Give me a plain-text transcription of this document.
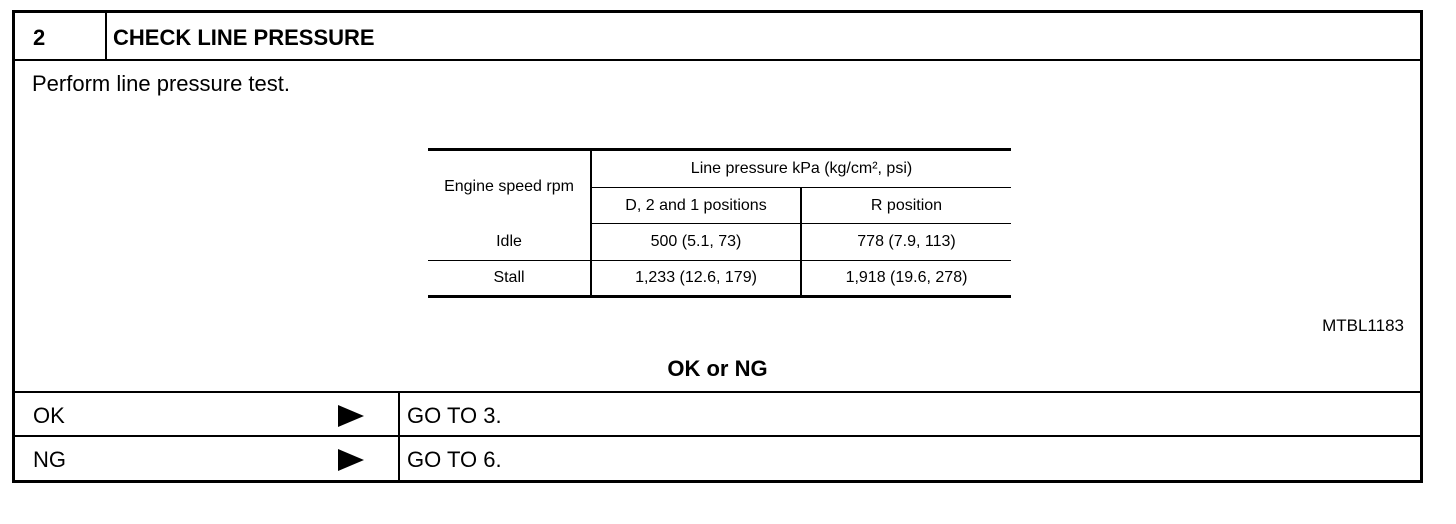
2	CHECK LINE PRESSURE
Perform line pressure test.
Engine speed rpm	Line pressure kPa (kg/cm², psi)	
	D, 2 and 1 positions	R position
Idle	500 (5.1, 73)	778 (7.9, 113)
Stall	1,233 (12.6, 179)	1,918 (19.6, 278)
MTBL1183
OK or NG
OK	GO TO 3.
NG	GO TO 6.
